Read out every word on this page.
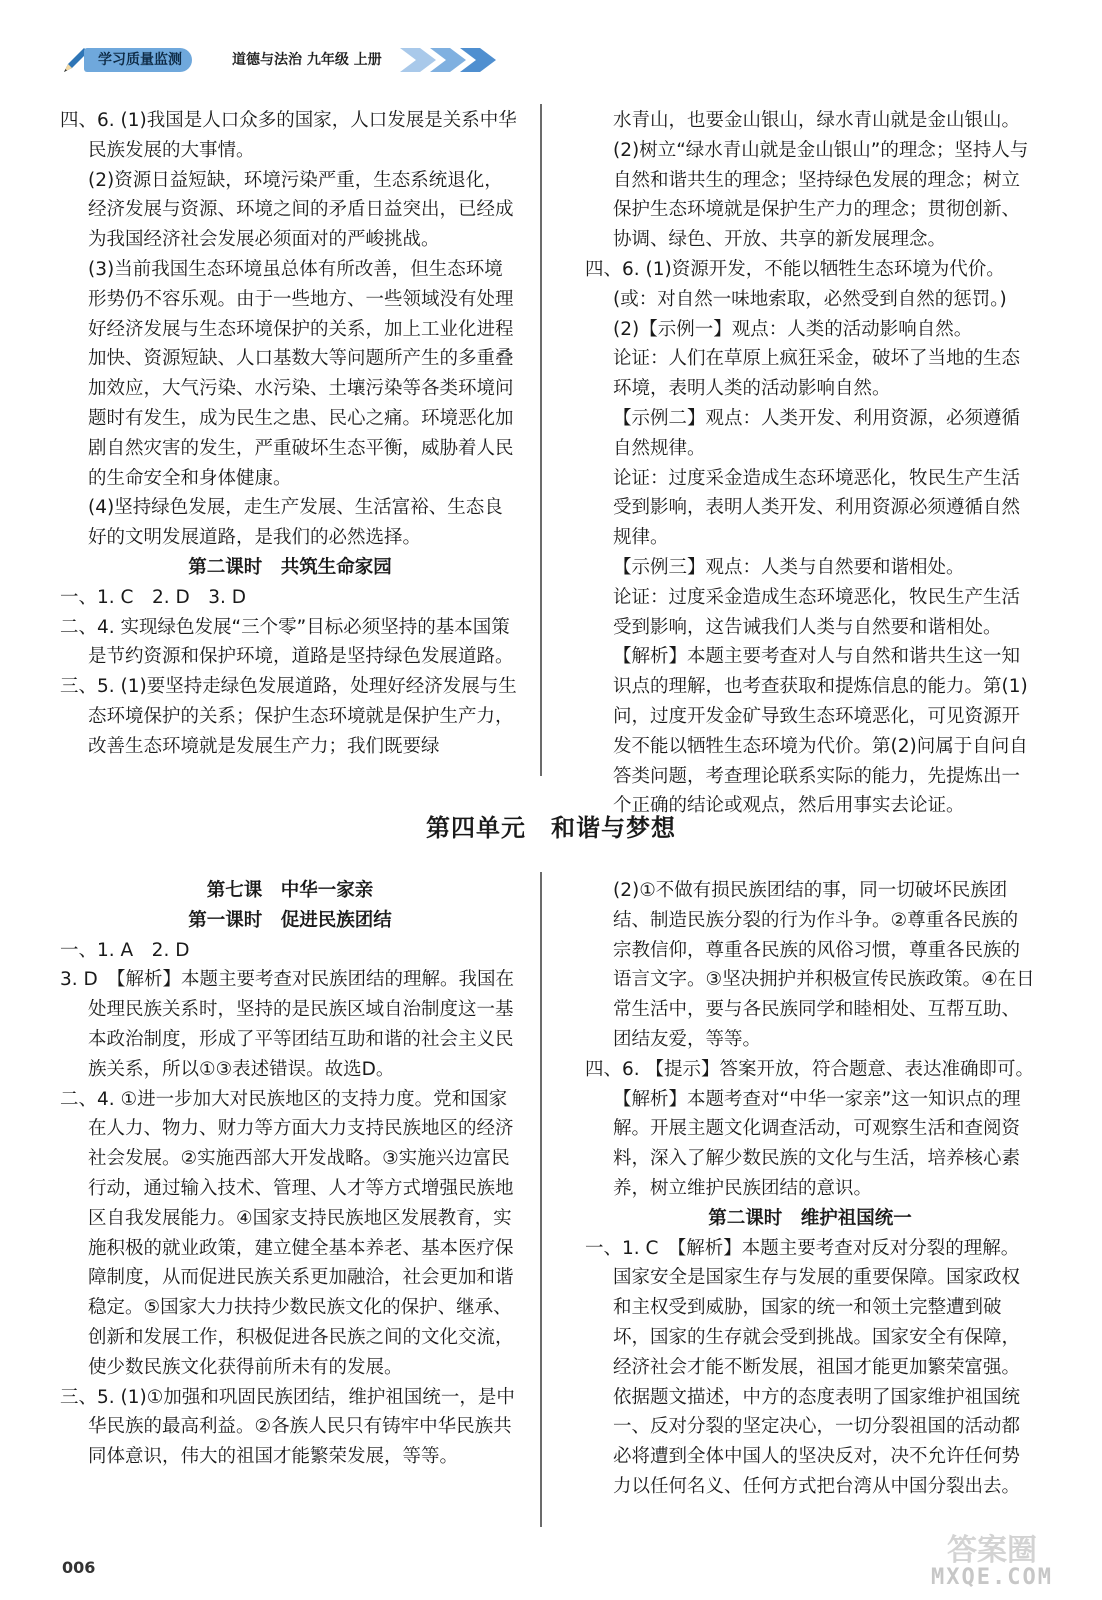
学习质量监测	道德与法治 九年级 上册

四、6. (1)我国是人口众多的国家，人口发展是关系中华民族发展的大事情。

(2)资源日益短缺，环境污染严重，生态系统退化，经济发展与资源、环境之间的矛盾日益突出，已经成为我国经济社会发展必须面对的严峻挑战。

(3)当前我国生态环境虽总体有所改善，但生态环境形势仍不容乐观。由于一些地方、一些领域没有处理好经济发展与生态环境保护的关系，加上工业化进程加快、资源短缺、人口基数大等问题所产生的多重叠加效应，大气污染、水污染、土壤污染等各类环境问题时有发生，成为民生之患、民心之痛。环境恶化加剧自然灾害的发生，严重破坏生态平衡，威胁着人民的生命安全和身体健康。

(4)坚持绿色发展，走生产发展、生活富裕、生态良好的文明发展道路，是我们的必然选择。

第二课时　共筑生命家园

一、1. C　2. D　3. D

二、4. 实现绿色发展“三个零”目标必须坚持的基本国策是节约资源和保护环境，道路是坚持绿色发展道路。

三、5. (1)要坚持走绿色发展道路，处理好经济发展与生态环境保护的关系；保护生态环境就是保护生产力，改善生态环境就是发展生产力；我们既要绿

水青山，也要金山银山，绿水青山就是金山银山。

(2)树立“绿水青山就是金山银山”的理念；坚持人与自然和谐共生的理念；坚持绿色发展的理念；树立保护生态环境就是保护生产力的理念；贯彻创新、协调、绿色、开放、共享的新发展理念。

四、6. (1)资源开发，不能以牺牲生态环境为代价。(或：对自然一味地索取，必然受到自然的惩罚。)

(2)【示例一】观点：人类的活动影响自然。

论证：人们在草原上疯狂采金，破坏了当地的生态环境，表明人类的活动影响自然。

【示例二】观点：人类开发、利用资源，必须遵循自然规律。

论证：过度采金造成生态环境恶化，牧民生产生活受到影响，表明人类开发、利用资源必须遵循自然规律。

【示例三】观点：人类与自然要和谐相处。

论证：过度采金造成生态环境恶化，牧民生产生活受到影响，这告诫我们人类与自然要和谐相处。

【解析】本题主要考查对人与自然和谐共生这一知识点的理解，也考查获取和提炼信息的能力。第(1)问，过度开发金矿导致生态环境恶化，可见资源开发不能以牺牲生态环境为代价。第(2)问属于自问自答类问题，考查理论联系实际的能力，先提炼出一个正确的结论或观点，然后用事实去论证。

第四单元　和谐与梦想

第七课　中华一家亲

第一课时　促进民族团结

一、1. A　2. D

3. D　【解析】本题主要考查对民族团结的理解。我国在处理民族关系时，坚持的是民族区域自治制度这一基本政治制度，形成了平等团结互助和谐的社会主义民族关系，所以①③表述错误。故选D。

二、4. ①进一步加大对民族地区的支持力度。党和国家在人力、物力、财力等方面大力支持民族地区的经济社会发展。②实施西部大开发战略。③实施兴边富民行动，通过输入技术、管理、人才等方式增强民族地区自我发展能力。④国家支持民族地区发展教育，实施积极的就业政策，建立健全基本养老、基本医疗保障制度，从而促进民族关系更加融洽，社会更加和谐稳定。⑤国家大力扶持少数民族文化的保护、继承、创新和发展工作，积极促进各民族之间的文化交流，使少数民族文化获得前所未有的发展。

三、5. (1)①加强和巩固民族团结，维护祖国统一，是中华民族的最高利益。②各族人民只有铸牢中华民族共同体意识，伟大的祖国才能繁荣发展，等等。

(2)①不做有损民族团结的事，同一切破坏民族团结、制造民族分裂的行为作斗争。②尊重各民族的宗教信仰，尊重各民族的风俗习惯，尊重各民族的语言文字。③坚决拥护并积极宣传民族政策。④在日常生活中，要与各民族同学和睦相处、互帮互助、团结友爱，等等。

四、6. 【提示】答案开放，符合题意、表达准确即可。

【解析】本题考查对“中华一家亲”这一知识点的理解。开展主题文化调查活动，可观察生活和查阅资料，深入了解少数民族的文化与生活，培养核心素养，树立维护民族团结的意识。

第二课时　维护祖国统一

一、1. C　【解析】本题主要考查对反对分裂的理解。国家安全是国家生存与发展的重要保障。国家政权和主权受到威胁，国家的统一和领土完整遭到破坏，国家的生存就会受到挑战。国家安全有保障，经济社会才能不断发展，祖国才能更加繁荣富强。依据题文描述，中方的态度表明了国家维护祖国统一、反对分裂的坚定决心，一切分裂祖国的活动都必将遭到全体中国人的坚决反对，决不允许任何势力以任何名义、任何方式把台湾从中国分裂出去。

006	答案圈
MXQE.COM
